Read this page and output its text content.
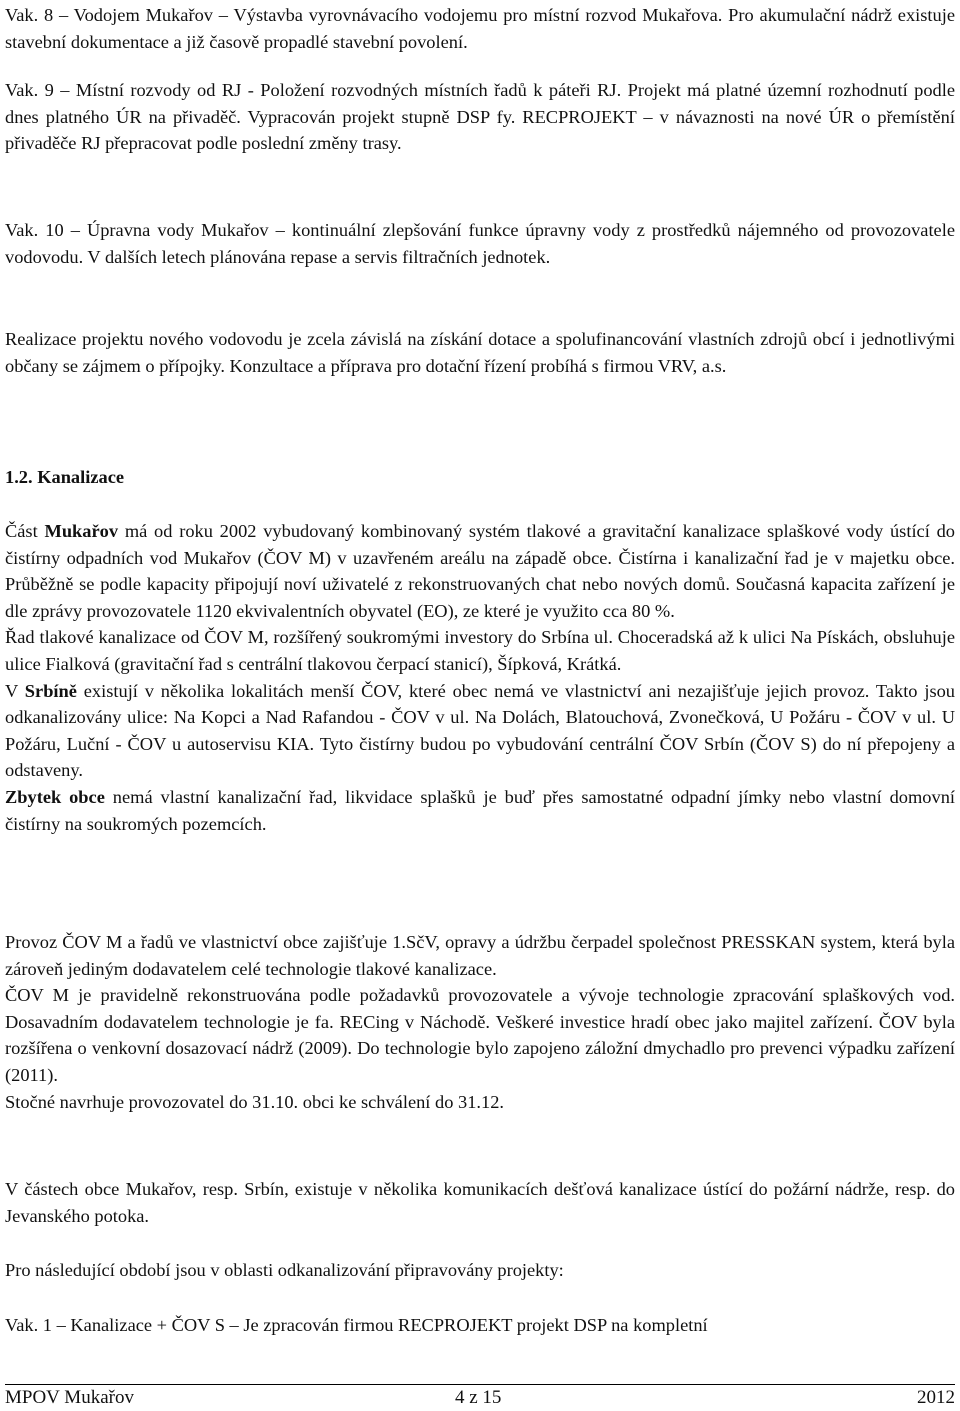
Vak. 8 – Vodojem Mukařov – Výstavba vyrovnávacího vodojemu pro místní rozvod Mukařova. Pro akumulační nádrž existuje stavební dokumentace a již časově propadlé stavební povolení.

Vak. 9 – Místní rozvody od RJ - Položení rozvodných místních řadů k páteři RJ. Projekt má platné územní rozhodnutí podle dnes platného ÚR na přivaděč. Vypracován projekt stupně DSP fy. RECPROJEKT – v návaznosti na nové ÚR o přemístění přivaděče RJ přepracovat podle poslední změny trasy.

Vak. 10 – Úpravna vody Mukařov – kontinuální zlepšování funkce úpravny vody z prostředků nájemného od provozovatele vodovodu. V dalších letech plánována repase a servis filtračních jednotek.

Realizace projektu nového vodovodu je zcela závislá na získání dotace a spolufinancování vlastních zdrojů obcí i jednotlivými občany se zájmem o přípojky. Konzultace a příprava pro dotační řízení probíhá s firmou VRV, a.s.

1.2. Kanalizace

Část Mukařov má od roku 2002 vybudovaný kombinovaný systém tlakové a gravitační kanalizace splaškové vody ústící do čistírny odpadních vod Mukařov (ČOV M) v uzavřeném areálu na západě obce. Čistírna i kanalizační řad je v majetku obce. Průběžně se podle kapacity připojují noví uživatelé z rekonstruovaných chat nebo nových domů. Současná kapacita zařízení je dle zprávy provozovatele 1120 ekvivalentních obyvatel (EO), ze které je využito cca 80 %.

Řad tlakové kanalizace od ČOV M, rozšířený soukromými investory do Srbína ul. Choceradská až k ulici Na Pískách, obsluhuje ulice Fialková (gravitační řad s centrální tlakovou čerpací stanicí), Šípková, Krátká.

V Srbíně existují v několika lokalitách menší ČOV, které obec nemá ve vlastnictví ani nezajišťuje jejich provoz. Takto jsou odkanalizovány ulice: Na Kopci a Nad Rafandou - ČOV v ul. Na Dolách, Blatouchová, Zvonečková, U Požáru - ČOV v ul. U Požáru, Luční - ČOV u autoservisu KIA. Tyto čistírny budou po vybudování centrální ČOV Srbín (ČOV S) do ní přepojeny a odstaveny.

Zbytek obce nemá vlastní kanalizační řad, likvidace splašků je buď přes samostatné odpadní jímky nebo vlastní domovní čistírny na soukromých pozemcích.

Provoz ČOV M a řadů ve vlastnictví obce zajišťuje 1.SčV, opravy a údržbu čerpadel společnost PRESSKAN system, která byla zároveň jediným dodavatelem celé technologie tlakové kanalizace.

ČOV M je pravidelně rekonstruována podle požadavků provozovatele a vývoje technologie zpracování splaškových vod. Dosavadním dodavatelem technologie je fa. RECing v Náchodě. Veškeré investice hradí obec jako majitel zařízení. ČOV byla rozšířena o venkovní dosazovací nádrž (2009). Do technologie bylo zapojeno záložní dmychadlo pro prevenci výpadku zařízení (2011).

Stočné navrhuje provozovatel do 31.10. obci ke schválení do 31.12.

V částech obce Mukařov, resp. Srbín, existuje v několika komunikacích dešťová kanalizace ústící do požární nádrže, resp. do Jevanského potoka.

Pro následující období jsou v oblasti odkanalizování připravovány projekty:

Vak. 1 – Kanalizace + ČOV S – Je zpracován firmou RECPROJEKT projekt DSP na kompletní

MPOV Mukařov	4 z 15	2012
